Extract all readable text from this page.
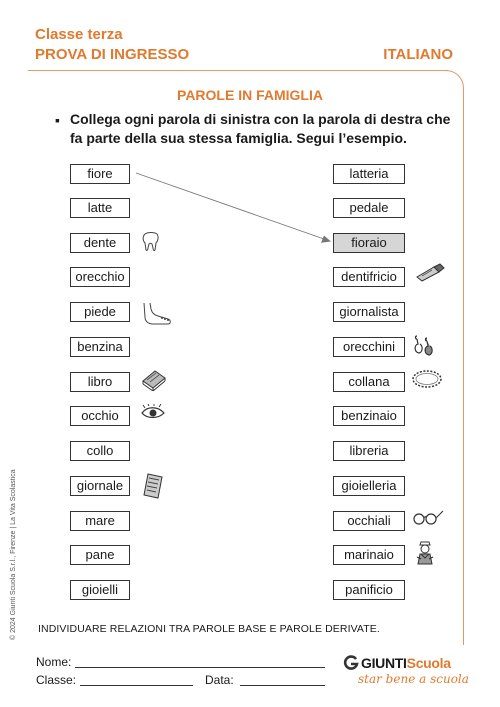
Classe terza
PROVA DI INGRESSO	ITALIANO
PAROLE IN FAMIGLIA
▪ Collega ogni parola di sinistra con la parola di destra che fa parte della sua stessa famiglia. Segui l’esempio.
fiore
latte
dente
orecchio
piede
benzina
libro
occhio
collo
giornale
mare
pane
gioielli
latteria
pedale
fioraio
dentifricio
giornalista
orecchini
collana
benzinaio
libreria
gioielleria
occhiali
marinaio
panificio
INDIVIDUARE RELAZIONI TRA PAROLE BASE E PAROLE DERIVATE.
© 2024 Giunti Scuola S.r.l., Firenze | La Vita Scolastica
Nome:
Classe:	Data:
GIUNTIScuola
star bene a scuola
